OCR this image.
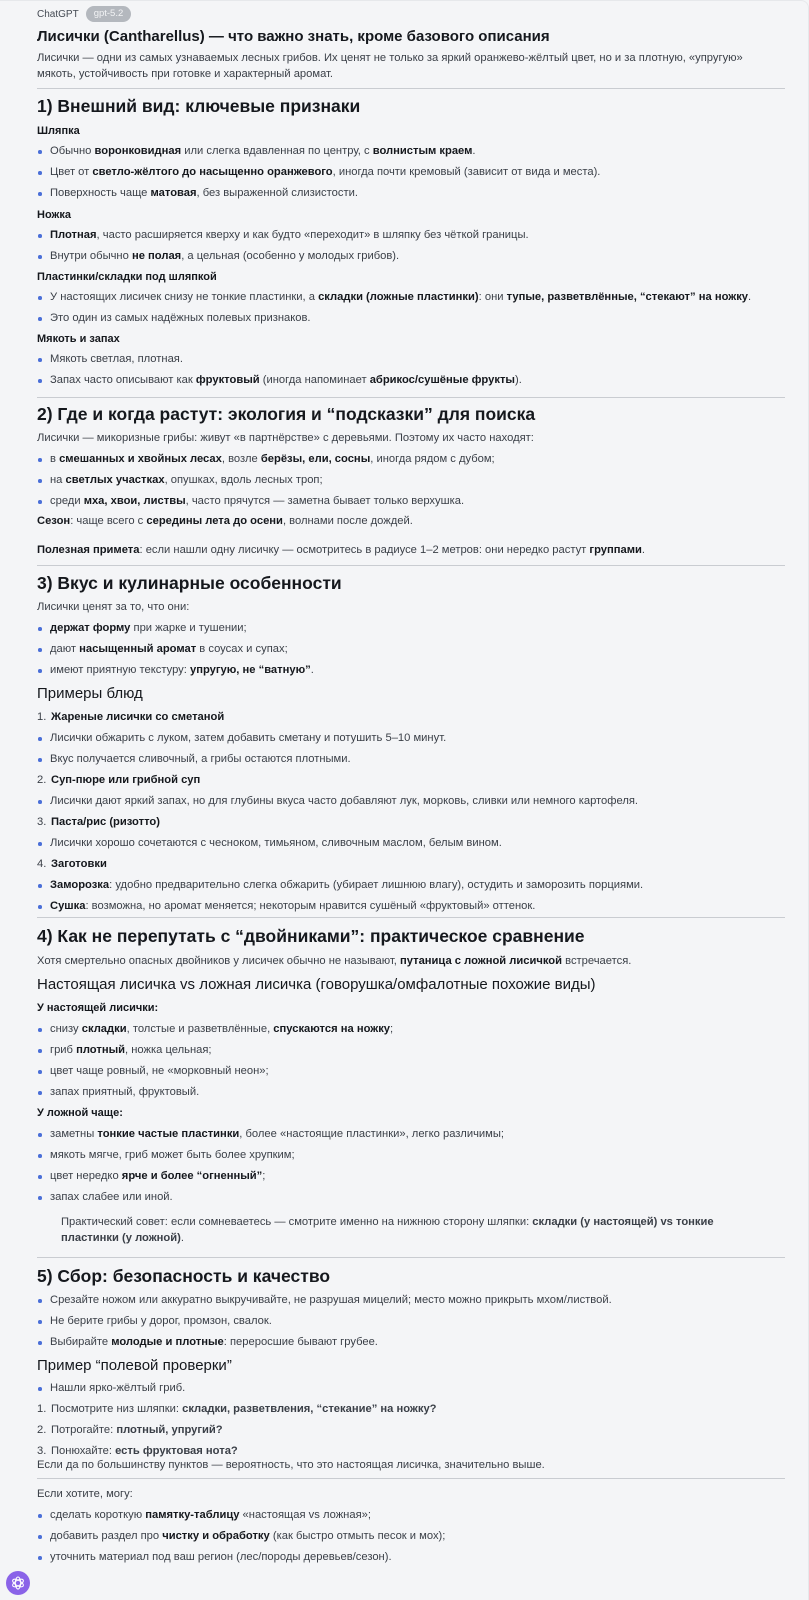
ChatGPT	gpt-5.2
Лисички (Cantharellus) — что важно знать, кроме базового описания
Лисички — одни из самых узнаваемых лесных грибов. Их ценят не только за яркий оранжево-жёлтый цвет, но и за плотную, «упругую» мякоть, устойчивость при готовке и характерный аромат.
1) Внешний вид: ключевые признаки
Шляпка
Обычно воронковидная или слегка вдавленная по центру, с волнистым краем.
Цвет от светло-жёлтого до насыщенно оранжевого, иногда почти кремовый (зависит от вида и места).
Поверхность чаще матовая, без выраженной слизистости.
Ножка
Плотная, часто расширяется кверху и как будто «переходит» в шляпку без чёткой границы.
Внутри обычно не полая, а цельная (особенно у молодых грибов).
Пластинки/складки под шляпкой
У настоящих лисичек снизу не тонкие пластинки, а складки (ложные пластинки): они тупые, разветвлённые, “стекают” на ножку.
Это один из самых надёжных полевых признаков.
Мякоть и запах
Мякоть светлая, плотная.
Запах часто описывают как фруктовый (иногда напоминает абрикос/сушёные фрукты).
2) Где и когда растут: экология и “подсказки” для поиска
Лисички — микоризные грибы: живут «в партнёрстве» с деревьями. Поэтому их часто находят:
в смешанных и хвойных лесах, возле берёзы, ели, сосны, иногда рядом с дубом;
на светлых участках, опушках, вдоль лесных троп;
среди мха, хвои, листвы, часто прячутся — заметна бывает только верхушка.
Сезон: чаще всего с середины лета до осени, волнами после дождей.
Полезная примета: если нашли одну лисичку — осмотритесь в радиусе 1–2 метров: они нередко растут группами.
3) Вкус и кулинарные особенности
Лисички ценят за то, что они:
держат форму при жарке и тушении;
дают насыщенный аромат в соусах и супах;
имеют приятную текстуру: упругую, не “ватную”.
Примеры блюд
1. Жареные лисички со сметаной
Лисички обжарить с луком, затем добавить сметану и потушить 5–10 минут.
Вкус получается сливочный, а грибы остаются плотными.
2. Суп-пюре или грибной суп
Лисички дают яркий запах, но для глубины вкуса часто добавляют лук, морковь, сливки или немного картофеля.
3. Паста/рис (ризотто)
Лисички хорошо сочетаются с чесноком, тимьяном, сливочным маслом, белым вином.
4. Заготовки
Заморозка: удобно предварительно слегка обжарить (убирает лишнюю влагу), остудить и заморозить порциями.
Сушка: возможна, но аромат меняется; некоторым нравится сушёный «фруктовый» оттенок.
4) Как не перепутать с “двойниками”: практическое сравнение
Хотя смертельно опасных двойников у лисичек обычно не называют, путаница с ложной лисичкой встречается.
Настоящая лисичка vs ложная лисичка (говорушка/омфалотные похожие виды)
У настоящей лисички:
снизу складки, толстые и разветвлённые, спускаются на ножку;
гриб плотный, ножка цельная;
цвет чаще ровный, не «морковный неон»;
запах приятный, фруктовый.
У ложной чаще:
заметны тонкие частые пластинки, более «настоящие пластинки», легко различимы;
мякоть мягче, гриб может быть более хрупким;
цвет нередко ярче и более “огненный”;
запах слабее или иной.
Практический совет: если сомневаетесь — смотрите именно на нижнюю сторону шляпки: складки (у настоящей) vs тонкие пластинки (у ложной).
5) Сбор: безопасность и качество
Срезайте ножом или аккуратно выкручивайте, не разрушая мицелий; место можно прикрыть мхом/листвой.
Не берите грибы у дорог, промзон, свалок.
Выбирайте молодые и плотные: переросшие бывают грубее.
Пример “полевой проверки”
Нашли ярко-жёлтый гриб.
1. Посмотрите низ шляпки: складки, разветвления, “стекание” на ножку?
2. Потрогайте: плотный, упругий?
3. Понюхайте: есть фруктовая нота?
Если да по большинству пунктов — вероятность, что это настоящая лисичка, значительно выше.
Если хотите, могу:
сделать короткую памятку-таблицу «настоящая vs ложная»;
добавить раздел про чистку и обработку (как быстро отмыть песок и мох);
уточнить материал под ваш регион (лес/породы деревьев/сезон).
